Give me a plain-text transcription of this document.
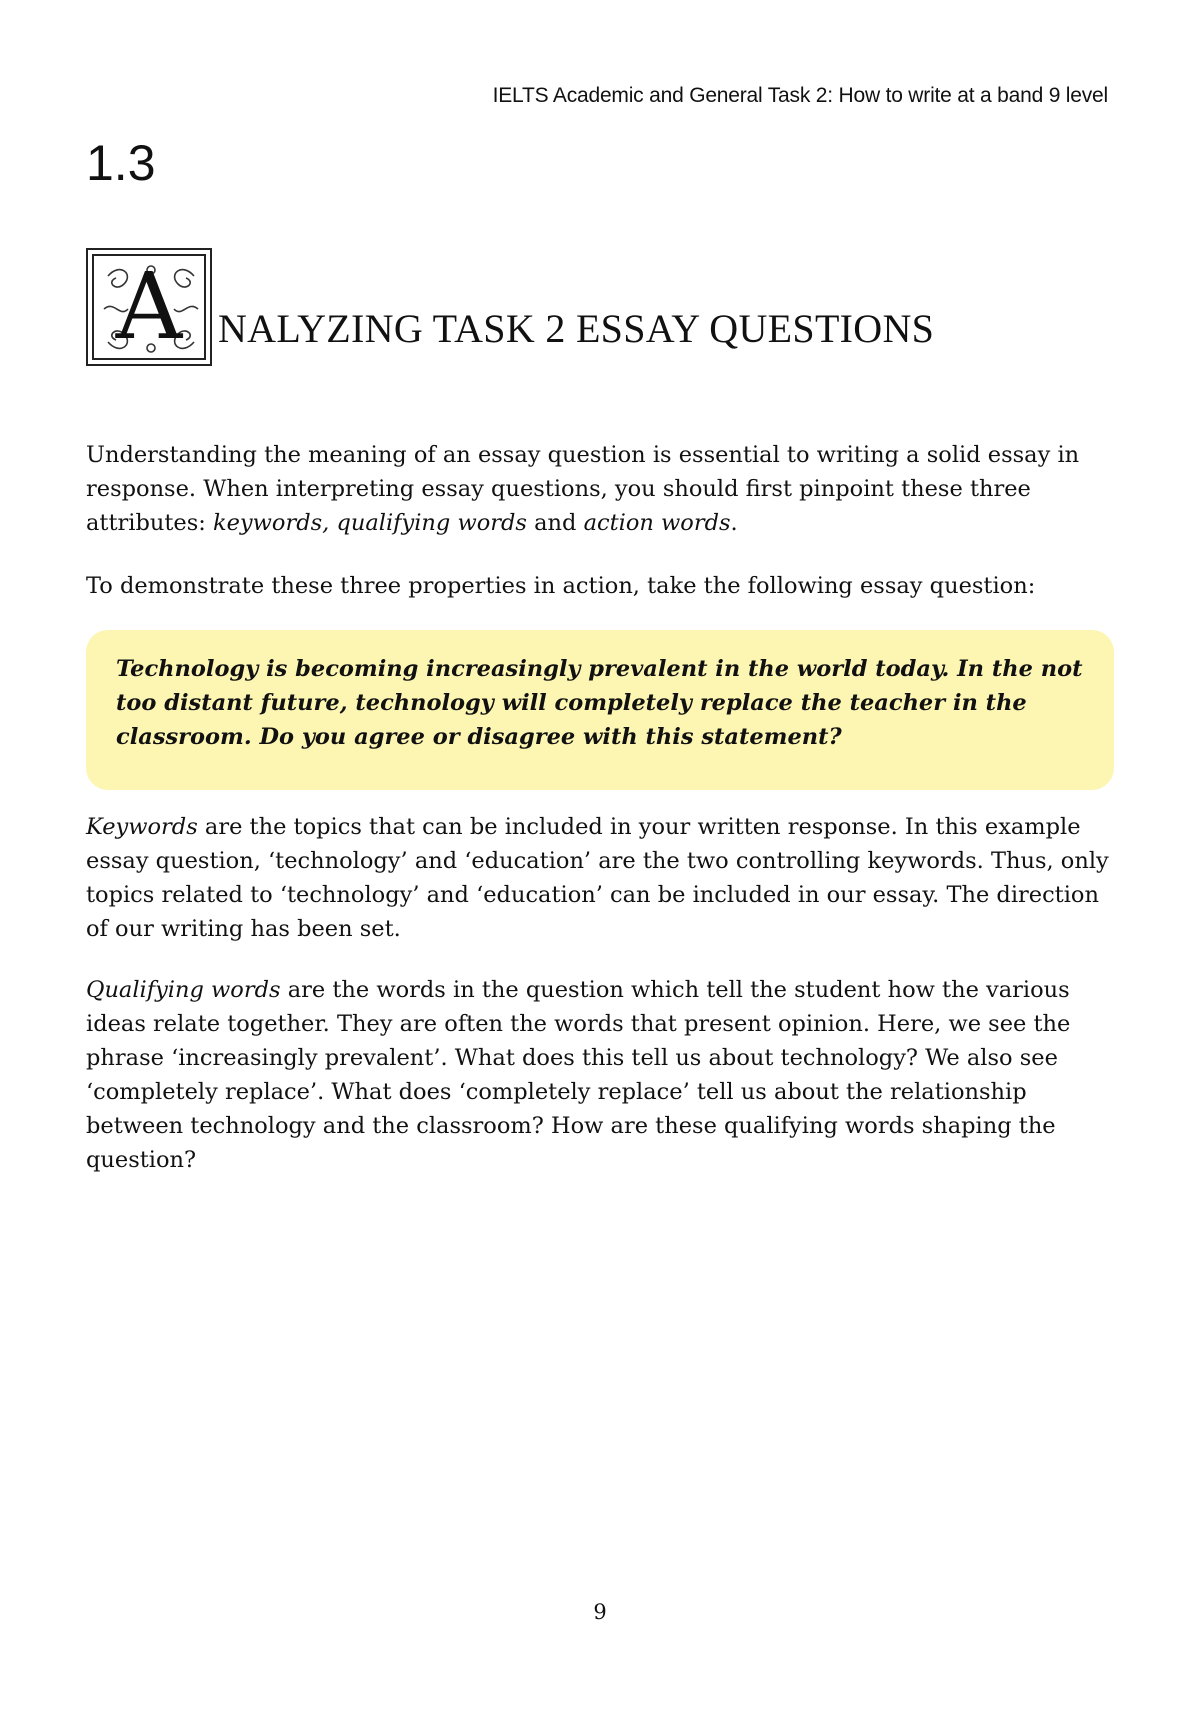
IELTS Academic and General Task 2: How to write at a band 9 level
1.3
A NALYZING TASK 2 ESSAY QUESTIONS

Understanding the meaning of an essay question is essential to writing a solid essay in response. When interpreting essay questions, you should first pinpoint these three attributes: keywords, qualifying words and action words.

To demonstrate these three properties in action, take the following essay question:

Technology is becoming increasingly prevalent in the world today. In the not too distant future, technology will completely replace the teacher in the classroom. Do you agree or disagree with this statement?

Keywords are the topics that can be included in your written response. In this example essay question, ‘technology’ and ‘education’ are the two controlling keywords. Thus, only topics related to ‘technology’ and ‘education’ can be included in our essay. The direction of our writing has been set.

Qualifying words are the words in the question which tell the student how the various ideas relate together. They are often the words that present opinion. Here, we see the phrase ‘increasingly prevalent’. What does this tell us about technology? We also see ‘completely replace’. What does ‘completely replace’ tell us about the relationship between technology and the classroom? How are these qualifying words shaping the question?

9
